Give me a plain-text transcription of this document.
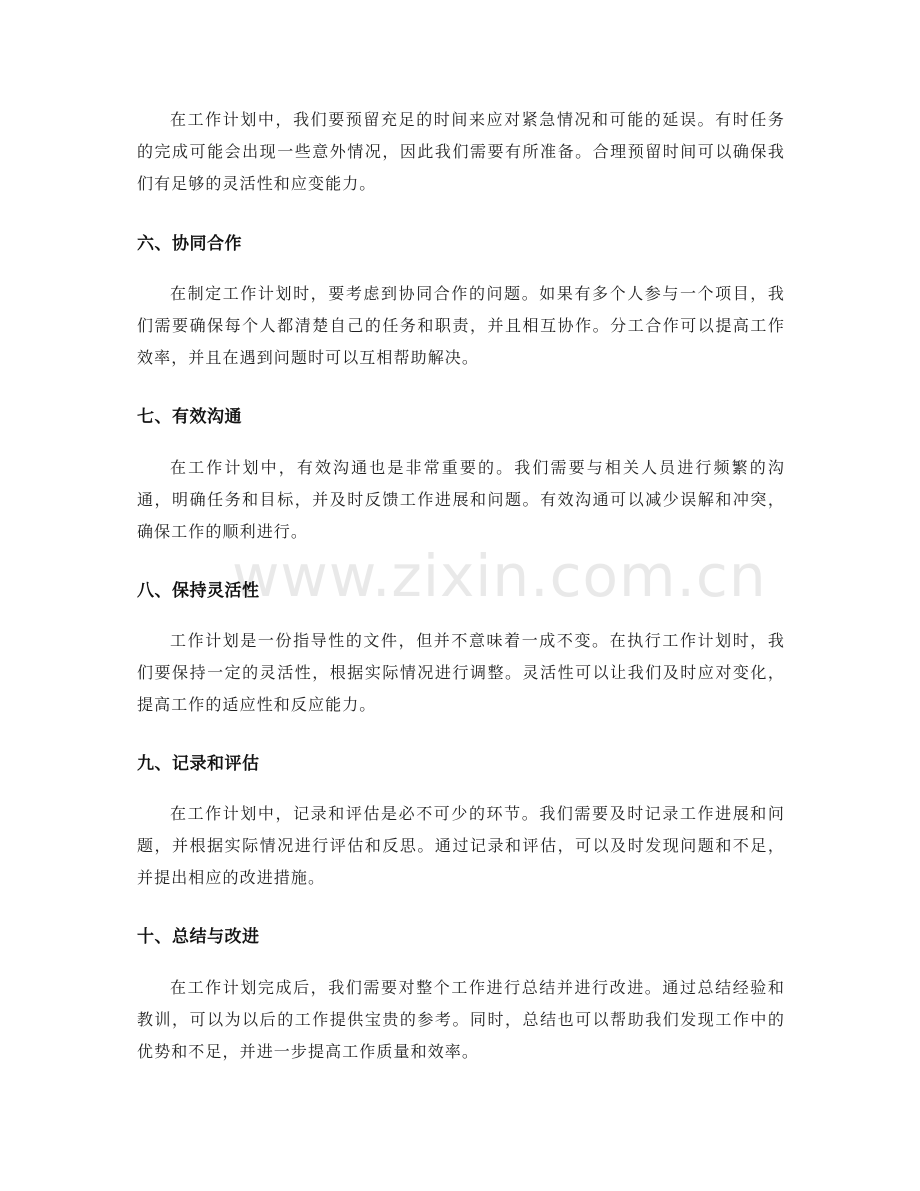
www.zixin.com.cn

在工作计划中，我们要预留充足的时间来应对紧急情况和可能的延误。有时任务的完成可能会出现一些意外情况，因此我们需要有所准备。合理预留时间可以确保我们有足够的灵活性和应变能力。

六、协同合作

在制定工作计划时，要考虑到协同合作的问题。如果有多个人参与一个项目，我们需要确保每个人都清楚自己的任务和职责，并且相互协作。分工合作可以提高工作效率，并且在遇到问题时可以互相帮助解决。

七、有效沟通

在工作计划中，有效沟通也是非常重要的。我们需要与相关人员进行频繁的沟通，明确任务和目标，并及时反馈工作进展和问题。有效沟通可以减少误解和冲突，确保工作的顺利进行。

八、保持灵活性

工作计划是一份指导性的文件，但并不意味着一成不变。在执行工作计划时，我们要保持一定的灵活性，根据实际情况进行调整。灵活性可以让我们及时应对变化，提高工作的适应性和反应能力。

九、记录和评估

在工作计划中，记录和评估是必不可少的环节。我们需要及时记录工作进展和问题，并根据实际情况进行评估和反思。通过记录和评估，可以及时发现问题和不足，并提出相应的改进措施。

十、总结与改进

在工作计划完成后，我们需要对整个工作进行总结并进行改进。通过总结经验和教训，可以为以后的工作提供宝贵的参考。同时，总结也可以帮助我们发现工作中的优势和不足，并进一步提高工作质量和效率。
